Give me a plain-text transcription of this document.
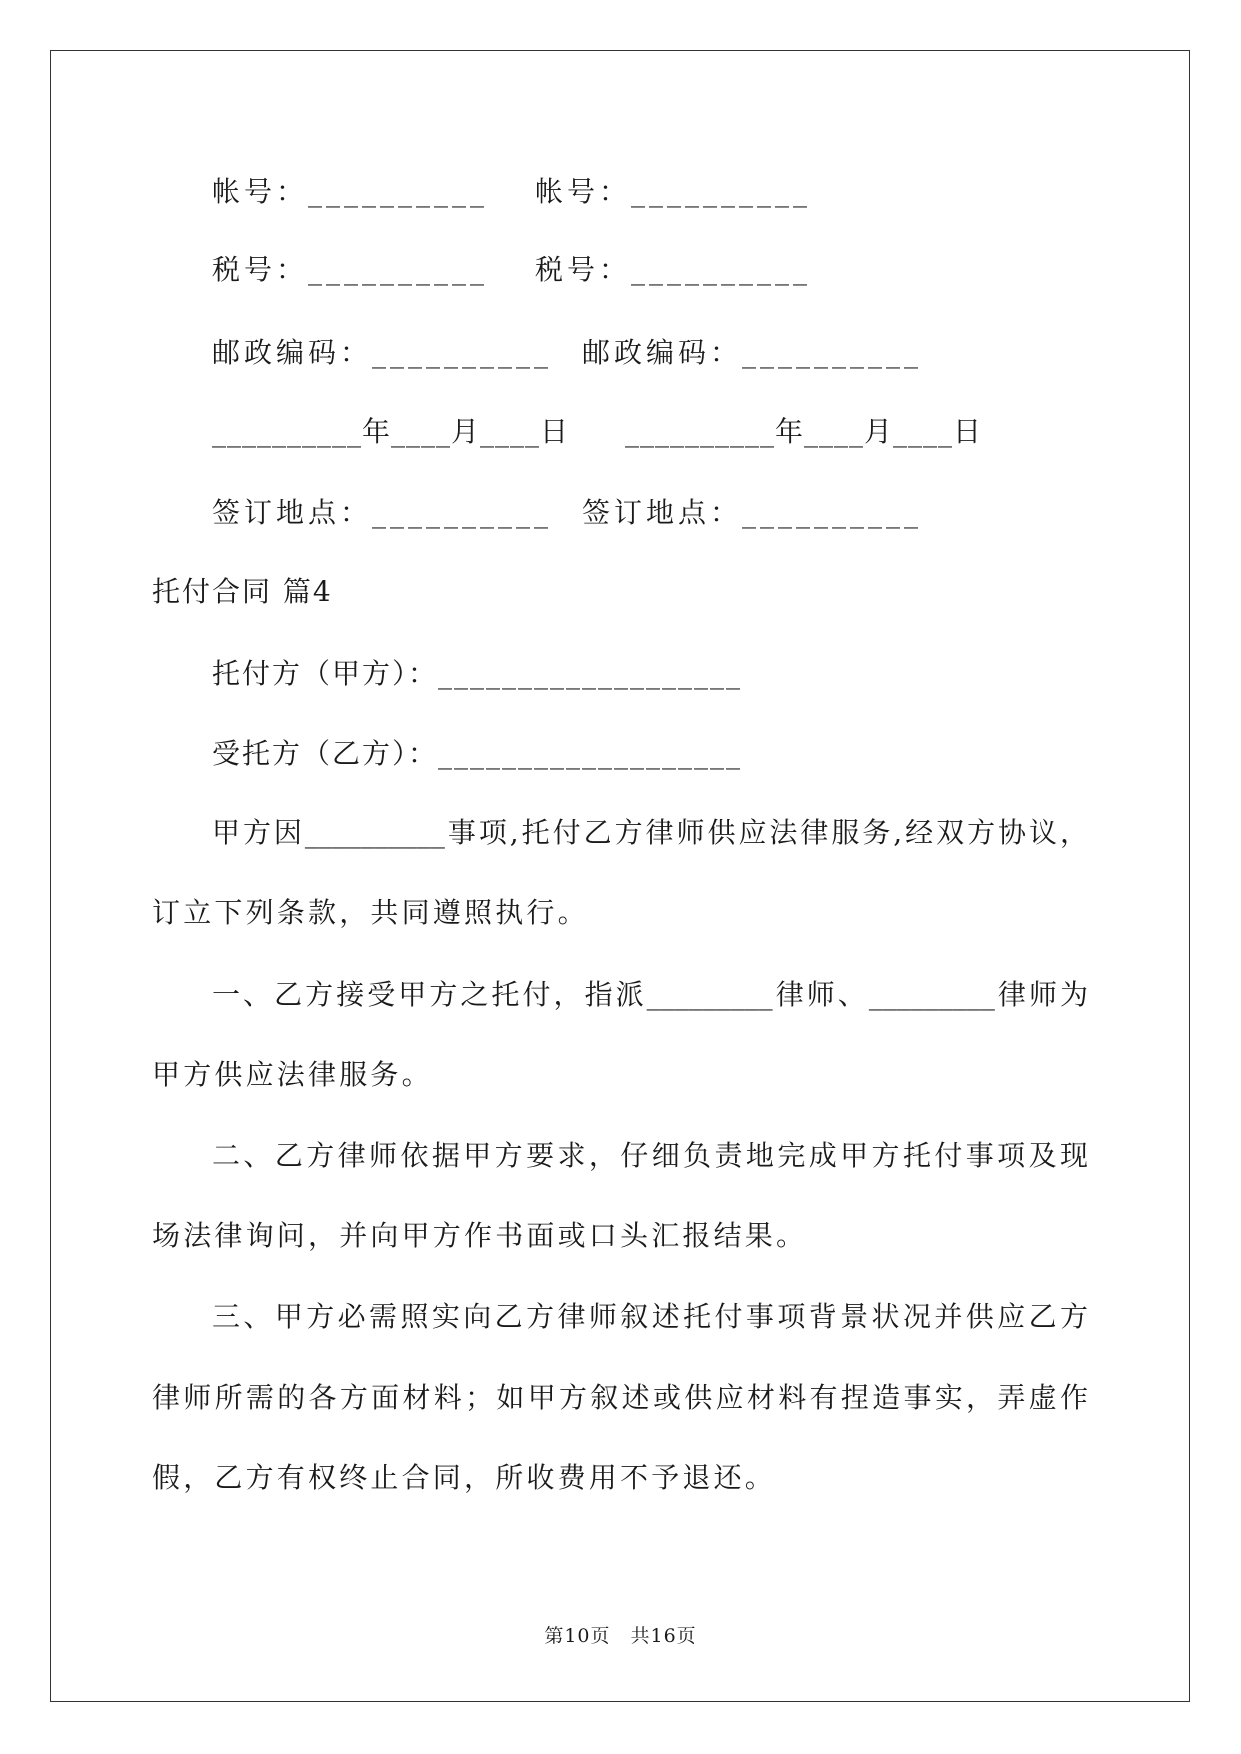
帐号：__________ 帐号：__________
税号：__________ 税号：__________
邮政编码：__________ 邮政编码：__________
__________年____月____日 __________年____月____日
签订地点：__________ 签订地点：__________
托付合同 篇4
托付方（甲方）：___________________
受托方（乙方）：___________________
甲方因__________事项,托付乙方律师供应法律服务,经双方协议，
订立下列条款，共同遵照执行。
一、乙方接受甲方之托付，指派_________律师、_________律师为
甲方供应法律服务。
二、乙方律师依据甲方要求，仔细负责地完成甲方托付事项及现
场法律询问，并向甲方作书面或口头汇报结果。
三、甲方必需照实向乙方律师叙述托付事项背景状况并供应乙方
律师所需的各方面材料；如甲方叙述或供应材料有捏造事实，弄虚作
假，乙方有权终止合同，所收费用不予退还。
第10页　共16页
